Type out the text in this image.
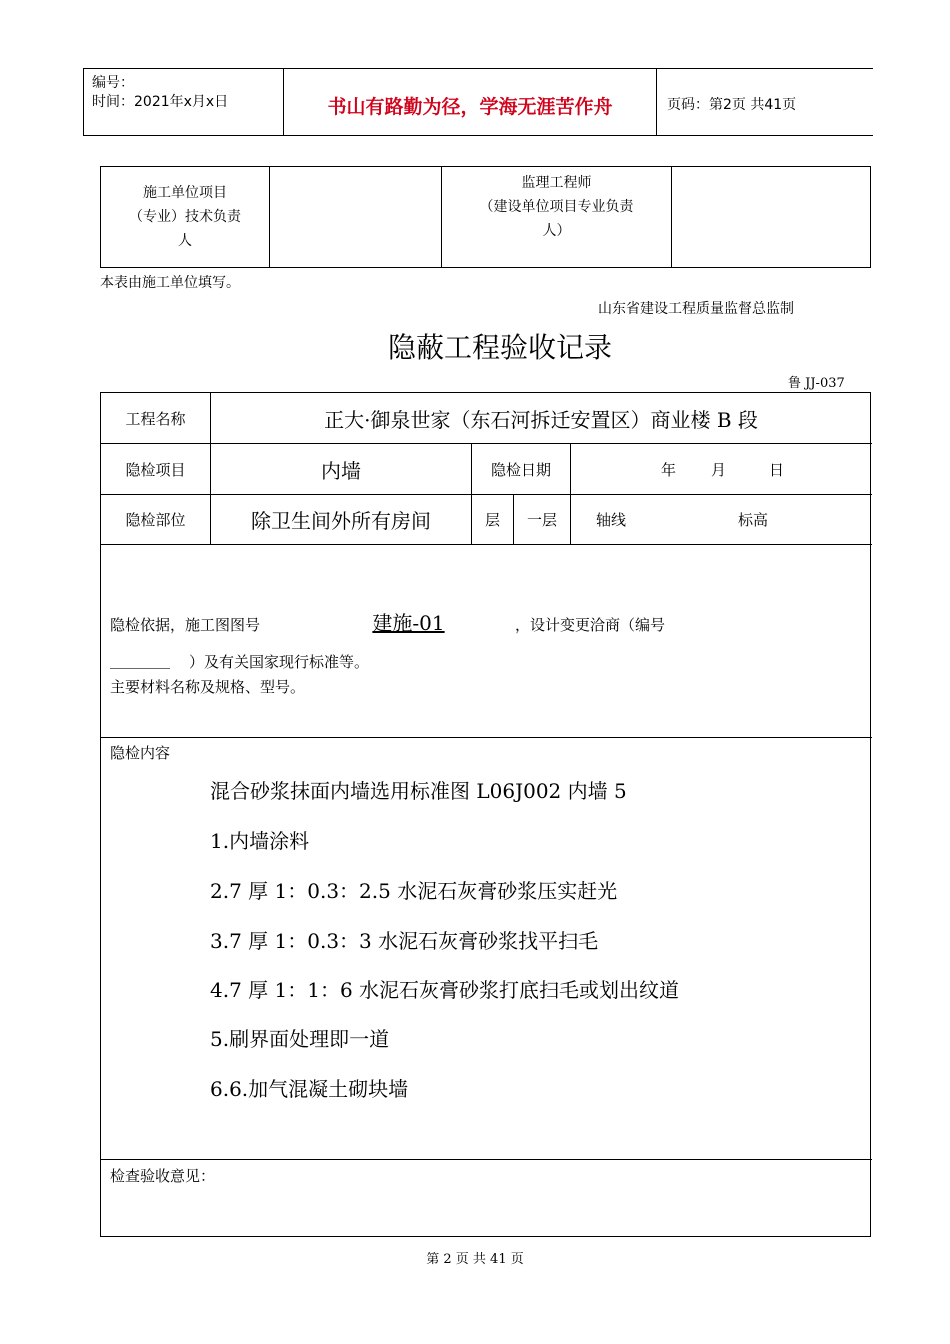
编号：
时间：2021年x月x日	书山有路勤为径，学海无涯苦作舟	页码：第2页 共41页
施工单位项目
（专业）技术负责
人

监理工程师
（建设单位项目专业负责
人）

本表由施工单位填写。
山东省建设工程质量监督总监制
隐蔽工程验收记录
鲁 JJ-037
工程名称	正大·御泉世家（东石河拆迁安置区）商业楼 B 段
隐检项目	内墙	隐检日期	年 月	日
隐检部位	除卫生间外所有房间	层	一层	轴线	标高
隐检依据，施工图图号	建施-01	，设计变更洽商（编号
________ ）及有关国家现行标准等。
主要材料名称及规格、型号。
隐检内容
混合砂浆抹面内墙选用标准图 L06J002 内墙 5
1.内墙涂料
2.7 厚 1：0.3：2.5 水泥石灰膏砂浆压实赶光
3.7 厚 1：0.3：3 水泥石灰膏砂浆找平扫毛
4.7 厚 1：1：6 水泥石灰膏砂浆打底扫毛或划出纹道
5.刷界面处理即一道
6.6.加气混凝土砌块墙
检查验收意见：
第 2 页 共 41 页
